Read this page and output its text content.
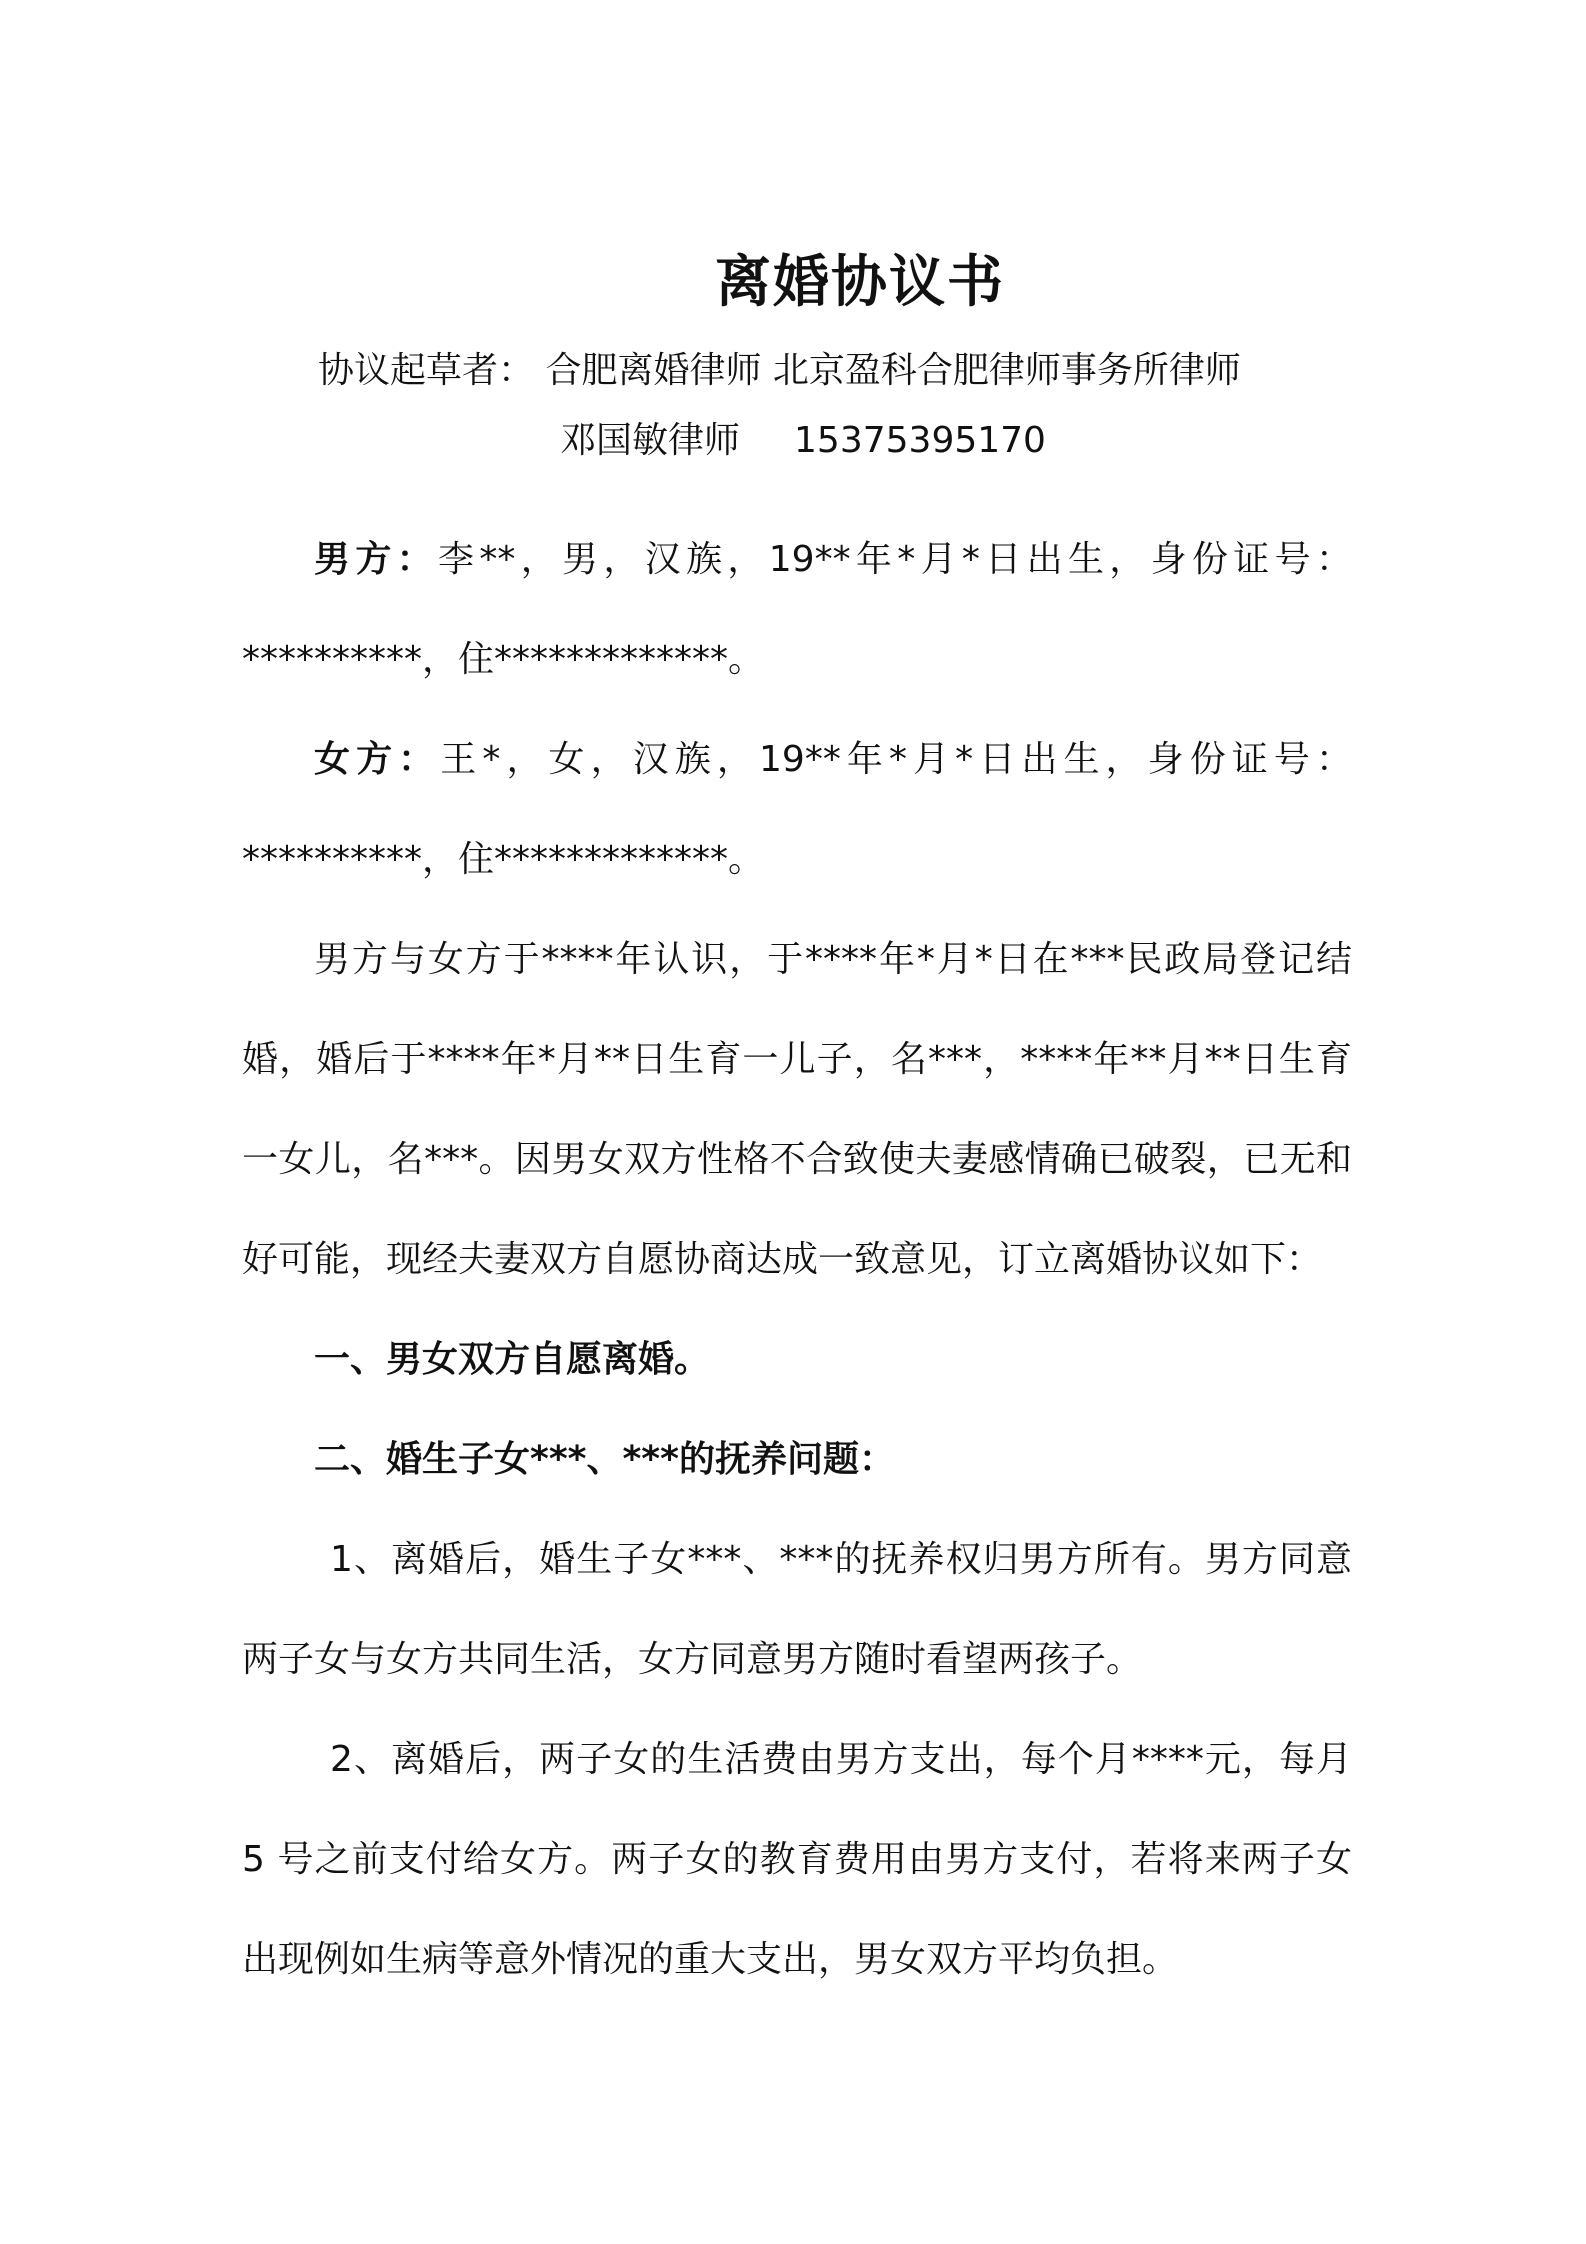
离婚协议书
协议起草者： 合肥离婚律师 北京盈科合肥律师事务所律师
邓国敏律师 15375395170

男方：李**，男，汉族，19**年*月*日出生，身份证号：**********，住*************。

女方：王*，女，汉族，19**年*月*日出生，身份证号：**********，住*************。

男方与女方于****年认识，于****年*月*日在***民政局登记结婚，婚后于****年*月**日生育一儿子，名***，****年**月**日生育一女儿，名***。因男女双方性格不合致使夫妻感情确已破裂，已无和好可能，现经夫妻双方自愿协商达成一致意见，订立离婚协议如下：

一、男女双方自愿离婚。

二、婚生子女***、***的抚养问题：

1、离婚后，婚生子女***、***的抚养权归男方所有。男方同意两子女与女方共同生活，女方同意男方随时看望两孩子。

2、离婚后，两子女的生活费由男方支出，每个月****元，每月 5 号之前支付给女方。两子女的教育费用由男方支付，若将来两子女出现例如生病等意外情况的重大支出，男女双方平均负担。
